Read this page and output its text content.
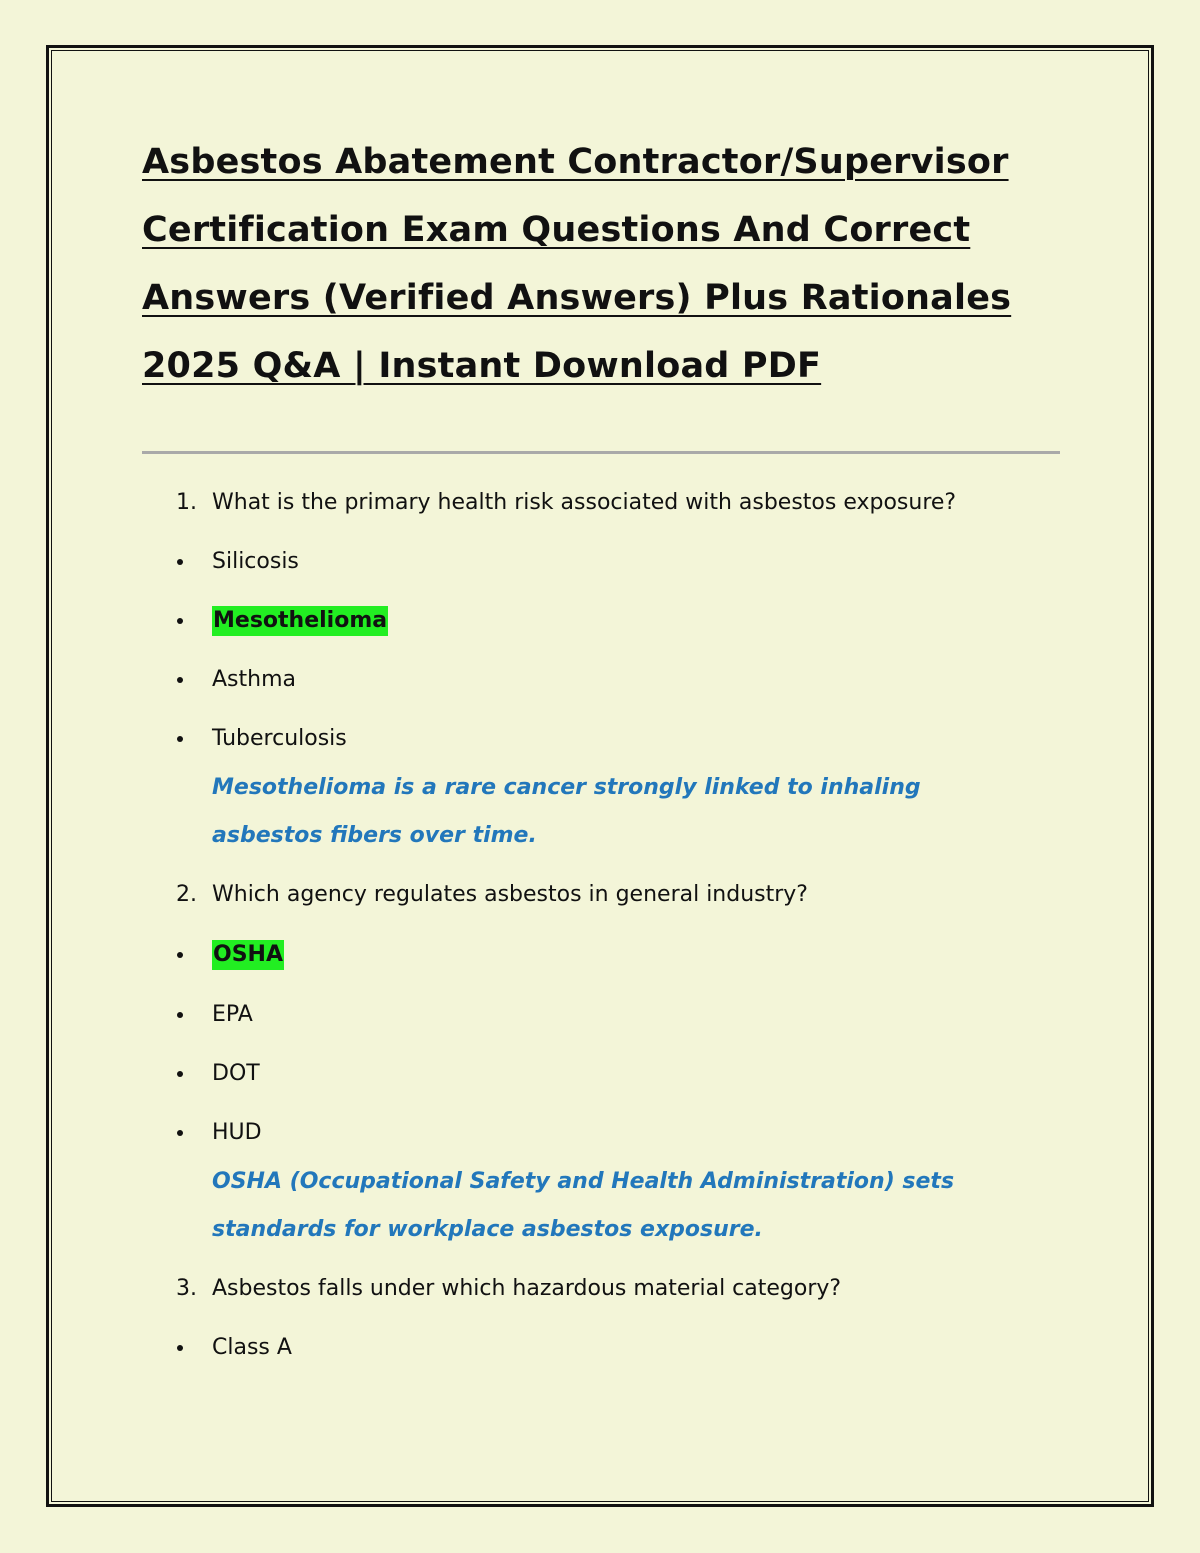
Asbestos Abatement Contractor/Supervisor Certification Exam Questions And Correct Answers (Verified Answers) Plus Rationales 2025 Q&A | Instant Download PDF
1. What is the primary health risk associated with asbestos exposure?
Silicosis
Mesothelioma
Asthma
Tuberculosis
Mesothelioma is a rare cancer strongly linked to inhaling asbestos fibers over time.
2. Which agency regulates asbestos in general industry?
OSHA
EPA
DOT
HUD
OSHA (Occupational Safety and Health Administration) sets standards for workplace asbestos exposure.
3. Asbestos falls under which hazardous material category?
Class A
